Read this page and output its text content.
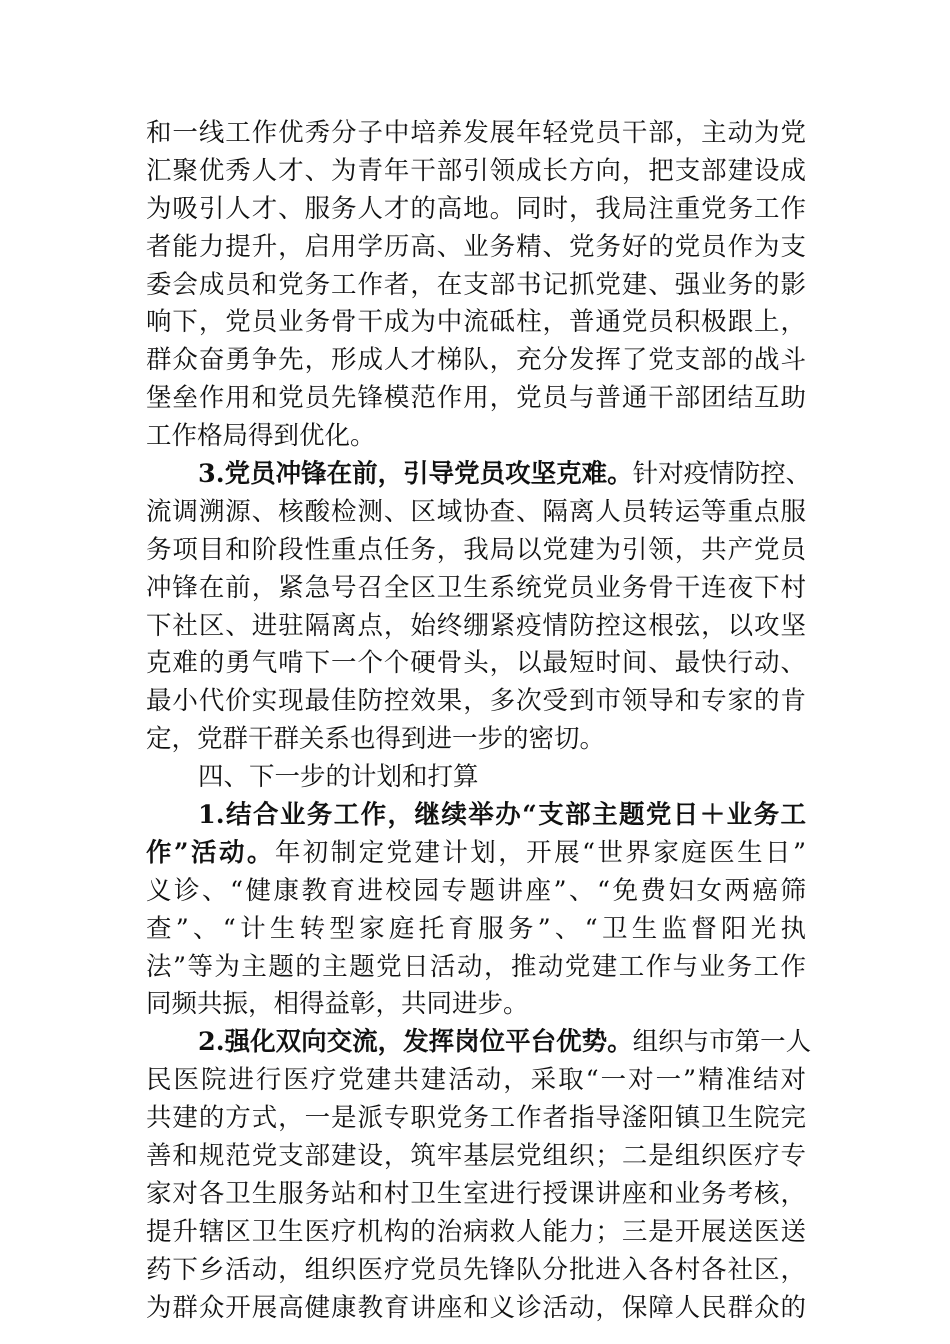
和一线工作优秀分子中培养发展年轻党员干部，主动为党
汇聚优秀人才、为青年干部引领成长方向，把支部建设成
为吸引人才、服务人才的高地。同时，我局注重党务工作
者能力提升，启用学历高、业务精、党务好的党员作为支
委会成员和党务工作者，在支部书记抓党建、强业务的影
响下，党员业务骨干成为中流砥柱，普通党员积极跟上，
群众奋勇争先，形成人才梯队，充分发挥了党支部的战斗
堡垒作用和党员先锋模范作用，党员与普通干部团结互助
工作格局得到优化。
3.党员冲锋在前，引导党员攻坚克难。针对疫情防控、
流调溯源、核酸检测、区域协查、隔离人员转运等重点服
务项目和阶段性重点任务，我局以党建为引领，共产党员
冲锋在前，紧急号召全区卫生系统党员业务骨干连夜下村
下社区、进驻隔离点，始终绷紧疫情防控这根弦，以攻坚
克难的勇气啃下一个个硬骨头，以最短时间、最快行动、
最小代价实现最佳防控效果，多次受到市领导和专家的肯
定，党群干群关系也得到进一步的密切。
四、下一步的计划和打算
1.结合业务工作，继续举办“支部主题党日＋业务工
作”活动。年初制定党建计划，开展“世界家庭医生日”
义诊、“健康教育进校园专题讲座”、“免费妇女两癌筛
查”、“计生转型家庭托育服务”、“卫生监督阳光执
法”等为主题的主题党日活动，推动党建工作与业务工作
同频共振，相得益彰，共同进步。
2.强化双向交流，发挥岗位平台优势。组织与市第一人
民医院进行医疗党建共建活动，采取“一对一”精准结对
共建的方式，一是派专职党务工作者指导滏阳镇卫生院完
善和规范党支部建设，筑牢基层党组织；二是组织医疗专
家对各卫生服务站和村卫生室进行授课讲座和业务考核，
提升辖区卫生医疗机构的治病救人能力；三是开展送医送
药下乡活动，组织医疗党员先锋队分批进入各村各社区，
为群众开展高健康教育讲座和义诊活动，保障人民群众的
